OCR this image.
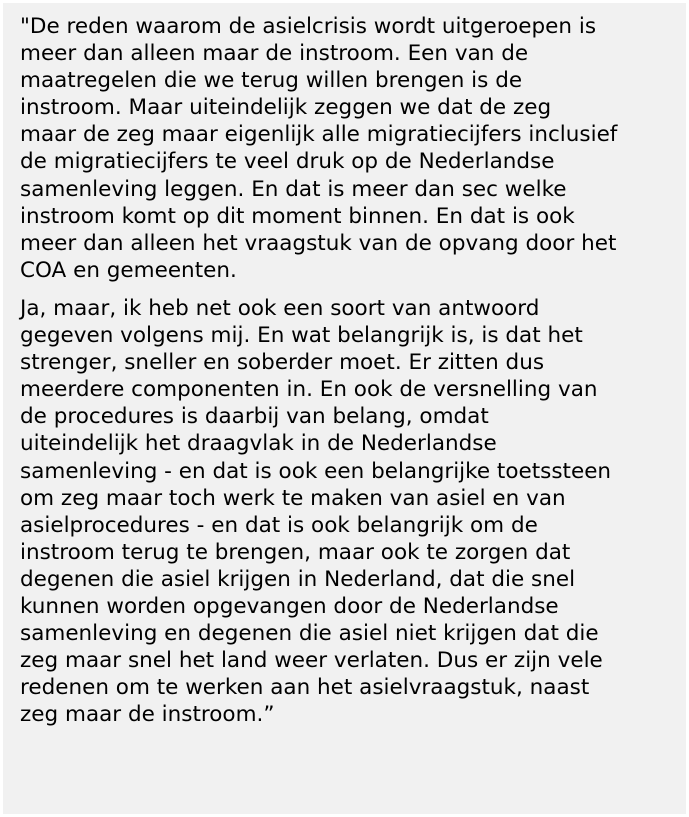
"De reden waarom de asielcrisis wordt uitgeroepen is
meer dan alleen maar de instroom. Een van de
maatregelen die we terug willen brengen is de
instroom. Maar uiteindelijk zeggen we dat de zeg
maar de zeg maar eigenlijk alle migratiecijfers inclusief
de migratiecijfers te veel druk op de Nederlandse
samenleving leggen. En dat is meer dan sec welke
instroom komt op dit moment binnen. En dat is ook
meer dan alleen het vraagstuk van de opvang door het
COA en gemeenten.

Ja, maar, ik heb net ook een soort van antwoord
gegeven volgens mij. En wat belangrijk is, is dat het
strenger, sneller en soberder moet. Er zitten dus
meerdere componenten in. En ook de versnelling van
de procedures is daarbij van belang, omdat
uiteindelijk het draagvlak in de Nederlandse
samenleving - en dat is ook een belangrijke toetssteen
om zeg maar toch werk te maken van asiel en van
asielprocedures - en dat is ook belangrijk om de
instroom terug te brengen, maar ook te zorgen dat
degenen die asiel krijgen in Nederland, dat die snel
kunnen worden opgevangen door de Nederlandse
samenleving en degenen die asiel niet krijgen dat die
zeg maar snel het land weer verlaten. Dus er zijn vele
redenen om te werken aan het asielvraagstuk, naast
zeg maar de instroom.”
